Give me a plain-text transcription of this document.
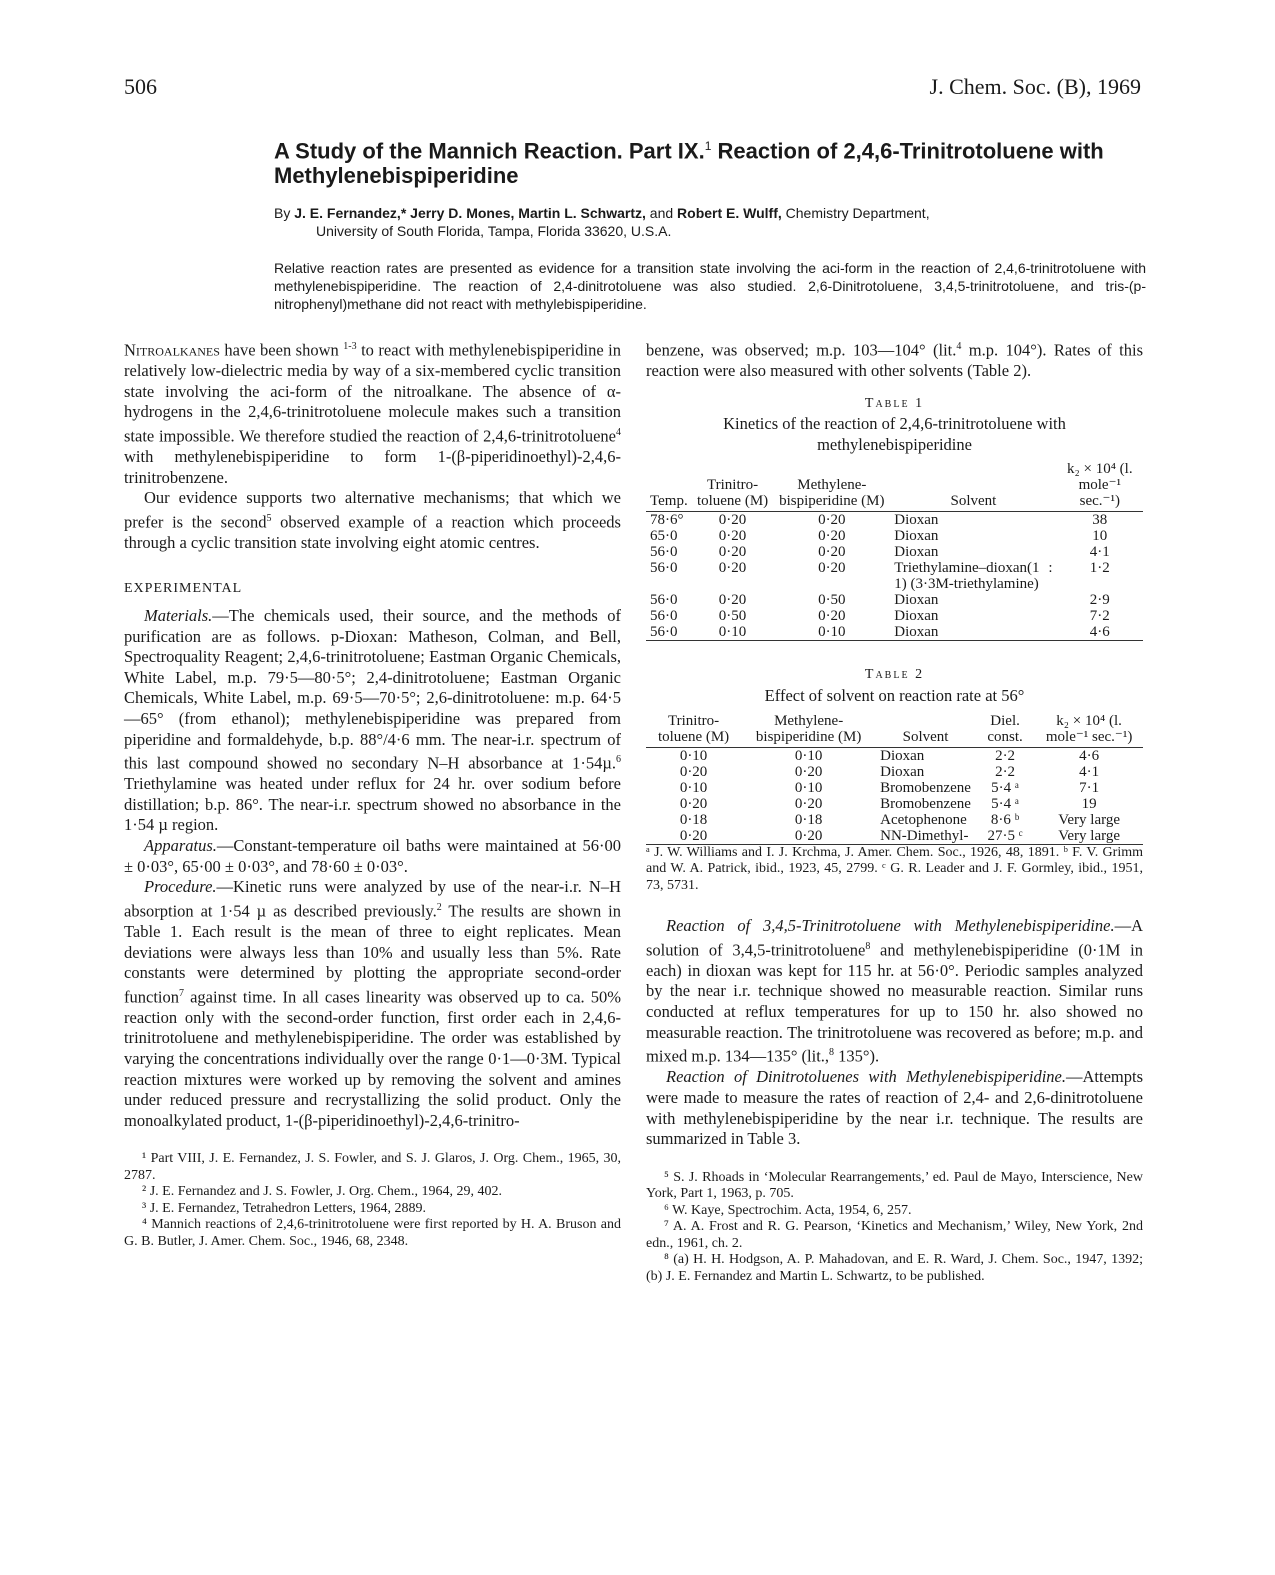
506	J. Chem. Soc. (B), 1969
A Study of the Mannich Reaction. Part IX.$^1$ Reaction of 2,4,6-Trinitrotoluene with Methylenebispiperidine
By J. E. Fernandez,* Jerry D. Mones, Martin L. Schwartz, and Robert E. Wulff, Chemistry Department,
University of South Florida, Tampa, Florida 33620, U.S.A.
Relative reaction rates are presented as evidence for a transition state involving the aci-form in the reaction of 2,4,6-trinitrotoluene with methylenebispiperidine. The reaction of 2,4-dinitrotoluene was also studied. 2,6-Dinitrotoluene, 3,4,5-trinitrotoluene, and tris-(p-nitrophenyl)methane did not react with methylebispiperidine.

Nitroalkanes have been shown $^{1-3}$ to react with methylenebispiperidine in relatively low-dielectric media by way of a six-membered cyclic transition state involving the aci-form of the nitroalkane. The absence of α-hydrogens in the 2,4,6-trinitrotoluene molecule makes such a transition state impossible. We therefore studied the reaction of 2,4,6-trinitrotoluene$^4$ with methylenebispiperidine to form 1-(β-piperidinoethyl)-2,4,6-trinitrobenzene.

Our evidence supports two alternative mechanisms; that which we prefer is the second$^5$ observed example of a reaction which proceeds through a cyclic transition state involving eight atomic centres.

EXPERIMENTAL

Materials.—The chemicals used, their source, and the methods of purification are as follows. p-Dioxan: Matheson, Colman, and Bell, Spectroquality Reagent; 2,4,6-trinitrotoluene; Eastman Organic Chemicals, White Label, m.p. 79·5—80·5°; 2,4-dinitrotoluene; Eastman Organic Chemicals, White Label, m.p. 69·5—70·5°; 2,6-dinitrotoluene: m.p. 64·5—65° (from ethanol); methylenebispiperidine was prepared from piperidine and formaldehyde, b.p. 88°/4·6 mm. The near-i.r. spectrum of this last compound showed no secondary N–H absorbance at 1·54µ.$^6$ Triethylamine was heated under reflux for 24 hr. over sodium before distillation; b.p. 86°. The near-i.r. spectrum showed no absorbance in the 1·54 µ region.

Apparatus.—Constant-temperature oil baths were maintained at 56·00 ± 0·03°, 65·00 ± 0·03°, and 78·60 ± 0·03°.

Procedure.—Kinetic runs were analyzed by use of the near-i.r. N–H absorption at 1·54 µ as described previously.$^2$ The results are shown in Table 1. Each result is the mean of three to eight replicates. Mean deviations were always less than 10% and usually less than 5%. Rate constants were determined by plotting the appropriate second-order function$^7$ against time. In all cases linearity was observed up to ca. 50% reaction only with the second-order function, first order each in 2,4,6-trinitrotoluene and methylenebispiperidine. The order was established by varying the concentrations individually over the range 0·1—0·3M. Typical reaction mixtures were worked up by removing the solvent and amines under reduced pressure and recrystallizing the solid product. Only the monoalkylated product, 1-(β-piperidinoethyl)-2,4,6-trinitro-

¹ Part VIII, J. E. Fernandez, J. S. Fowler, and S. J. Glaros, J. Org. Chem., 1965, 30, 2787.

² J. E. Fernandez and J. S. Fowler, J. Org. Chem., 1964, 29, 402.

³ J. E. Fernandez, Tetrahedron Letters, 1964, 2889.

⁴ Mannich reactions of 2,4,6-trinitrotoluene were first reported by H. A. Bruson and G. B. Butler, J. Amer. Chem. Soc., 1946, 68, 2348.

benzene, was observed; m.p. 103—104° (lit.$^4$ m.p. 104°). Rates of this reaction were also measured with other solvents (Table 2).

Table 1
Kinetics of the reaction of 2,4,6-trinitrotoluene with methylenebispiperidine
Temp.	Trinitro-toluene (M)	Methylene-bispiperidine (M)	Solvent	k₂ × 10⁴ (l. mole⁻¹ sec.⁻¹)
78·6°	0·20	0·20	Dioxan	38
65·0	0·20	0·20	Dioxan	10
56·0	0·20	0·20	Dioxan	4·1
56·0	0·20	0·20	Triethylamine–dioxan(1 : 1) (3·3M-triethylamine)	1·2
56·0	0·20	0·50	Dioxan	2·9
56·0	0·50	0·20	Dioxan	7·2
56·0	0·10	0·10	Dioxan	4·6
Table 2
Effect of solvent on reaction rate at 56°
Trinitro-toluene (M)	Methylene-bispiperidine (M)	Solvent	Diel. const.	k₂ × 10⁴ (l. mole⁻¹ sec.⁻¹)
0·10	0·10	Dioxan	2·2	4·6
0·20	0·20	Dioxan	2·2	4·1
0·10	0·10	Bromobenzene	5·4 ᵃ	7·1
0·20	0·20	Bromobenzene	5·4 ᵃ	19
0·18	0·18	Acetophenone	8·6 ᵇ	Very large
0·20	0·20	NN-Dimethyl-	27·5 ᶜ	Very large

ᵃ J. W. Williams and I. J. Krchma, J. Amer. Chem. Soc., 1926, 48, 1891. ᵇ F. V. Grimm and W. A. Patrick, ibid., 1923, 45, 2799. ᶜ G. R. Leader and J. F. Gormley, ibid., 1951, 73, 5731.

Reaction of 3,4,5-Trinitrotoluene with Methylenebispiperidine.—A solution of 3,4,5-trinitrotoluene$^8$ and methylenebispiperidine (0·1M in each) in dioxan was kept for 115 hr. at 56·0°. Periodic samples analyzed by the near i.r. technique showed no measurable reaction. Similar runs conducted at reflux temperatures for up to 150 hr. also showed no measurable reaction. The trinitrotoluene was recovered as before; m.p. and mixed m.p. 134—135° (lit.,$^8$ 135°).

Reaction of Dinitrotoluenes with Methylenebispiperidine.—Attempts were made to measure the rates of reaction of 2,4- and 2,6-dinitrotoluene with methylenebispiperidine by the near i.r. technique. The results are summarized in Table 3.

⁵ S. J. Rhoads in ‘Molecular Rearrangements,’ ed. Paul de Mayo, Interscience, New York, Part 1, 1963, p. 705.

⁶ W. Kaye, Spectrochim. Acta, 1954, 6, 257.

⁷ A. A. Frost and R. G. Pearson, ‘Kinetics and Mechanism,’ Wiley, New York, 2nd edn., 1961, ch. 2.

⁸ (a) H. H. Hodgson, A. P. Mahadovan, and E. R. Ward, J. Chem. Soc., 1947, 1392; (b) J. E. Fernandez and Martin L. Schwartz, to be published.
